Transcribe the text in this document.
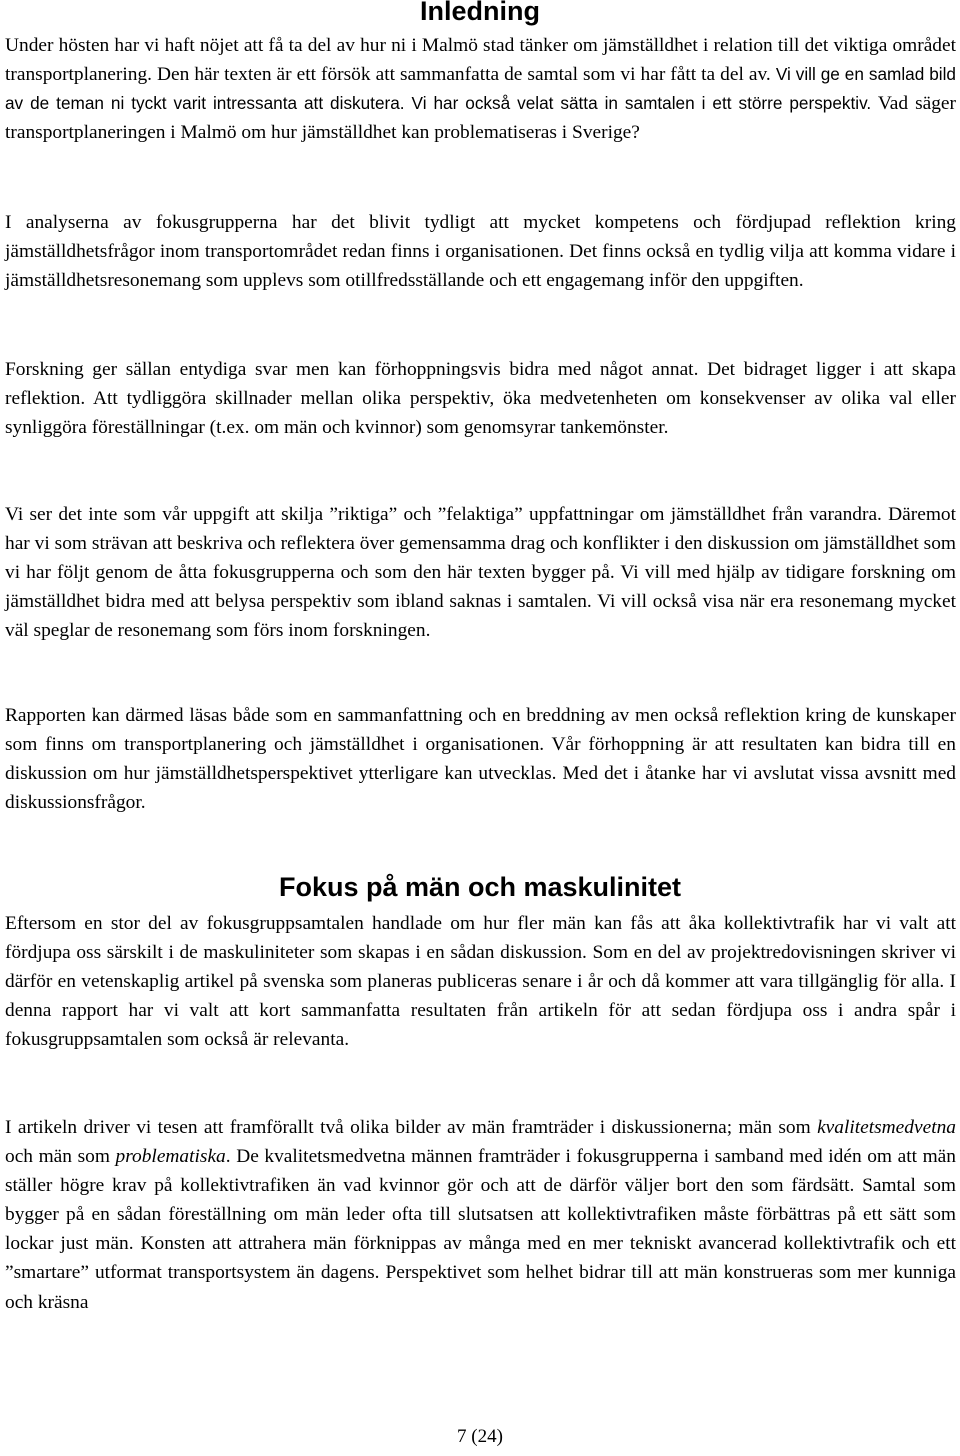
Inledning

Under hösten har vi haft nöjet att få ta del av hur ni i Malmö stad tänker om jämställdhet i relation till det viktiga området transportplanering. Den här texten är ett försök att sammanfatta de samtal som vi har fått ta del av. Vi vill ge en samlad bild av de teman ni tyckt varit intressanta att diskutera. Vi har också velat sätta in samtalen i ett större perspektiv. Vad säger transportplaneringen i Malmö om hur jämställdhet kan problematiseras i Sverige?

I analyserna av fokusgrupperna har det blivit tydligt att mycket kompetens och fördjupad reflektion kring jämställdhetsfrågor inom transportområdet redan finns i organisationen. Det finns också en tydlig vilja att komma vidare i jämställdhetsresonemang som upplevs som otillfredsställande och ett engagemang inför den uppgiften.

Forskning ger sällan entydiga svar men kan förhoppningsvis bidra med något annat. Det bidraget ligger i att skapa reflektion. Att tydliggöra skillnader mellan olika perspektiv, öka medvetenheten om konsekvenser av olika val eller synliggöra föreställningar (t.ex. om män och kvinnor) som genomsyrar tankemönster.

Vi ser det inte som vår uppgift att skilja ”riktiga” och ”felaktiga” uppfattningar om jämställdhet från varandra. Däremot har vi som strävan att beskriva och reflektera över gemensamma drag och konflikter i den diskussion om jämställdhet som vi har följt genom de åtta fokusgrupperna och som den här texten bygger på. Vi vill med hjälp av tidigare forskning om jämställdhet bidra med att belysa perspektiv som ibland saknas i samtalen. Vi vill också visa när era resonemang mycket väl speglar de resonemang som förs inom forskningen.

Rapporten kan därmed läsas både som en sammanfattning och en breddning av men också reflektion kring de kunskaper som finns om transportplanering och jämställdhet i organisationen. Vår förhoppning är att resultaten kan bidra till en diskussion om hur jämställdhetsperspektivet ytterligare kan utvecklas. Med det i åtanke har vi avslutat vissa avsnitt med diskussionsfrågor.

Fokus på män och maskulinitet

Eftersom en stor del av fokusgruppsamtalen handlade om hur fler män kan fås att åka kollektivtrafik har vi valt att fördjupa oss särskilt i de maskuliniteter som skapas i en sådan diskussion. Som en del av projektredovisningen skriver vi därför en vetenskaplig artikel på svenska som planeras publiceras senare i år och då kommer att vara tillgänglig för alla. I denna rapport har vi valt att kort sammanfatta resultaten från artikeln för att sedan fördjupa oss i andra spår i fokusgruppsamtalen som också är relevanta.

I artikeln driver vi tesen att framförallt två olika bilder av män framträder i diskussionerna; män som kvalitetsmedvetna och män som problematiska. De kvalitetsmedvetna männen framträder i fokusgrupperna i samband med idén om att män ställer högre krav på kollektivtrafiken än vad kvinnor gör och att de därför väljer bort den som färdsätt. Samtal som bygger på en sådan föreställning om män leder ofta till slutsatsen att kollektivtrafiken måste förbättras på ett sätt som lockar just män. Konsten att attrahera män förknippas av många med en mer tekniskt avancerad kollektivtrafik och ett ”smartare” utformat transportsystem än dagens. Perspektivet som helhet bidrar till att män konstrueras som mer kunniga och kräsna

7 (24)
